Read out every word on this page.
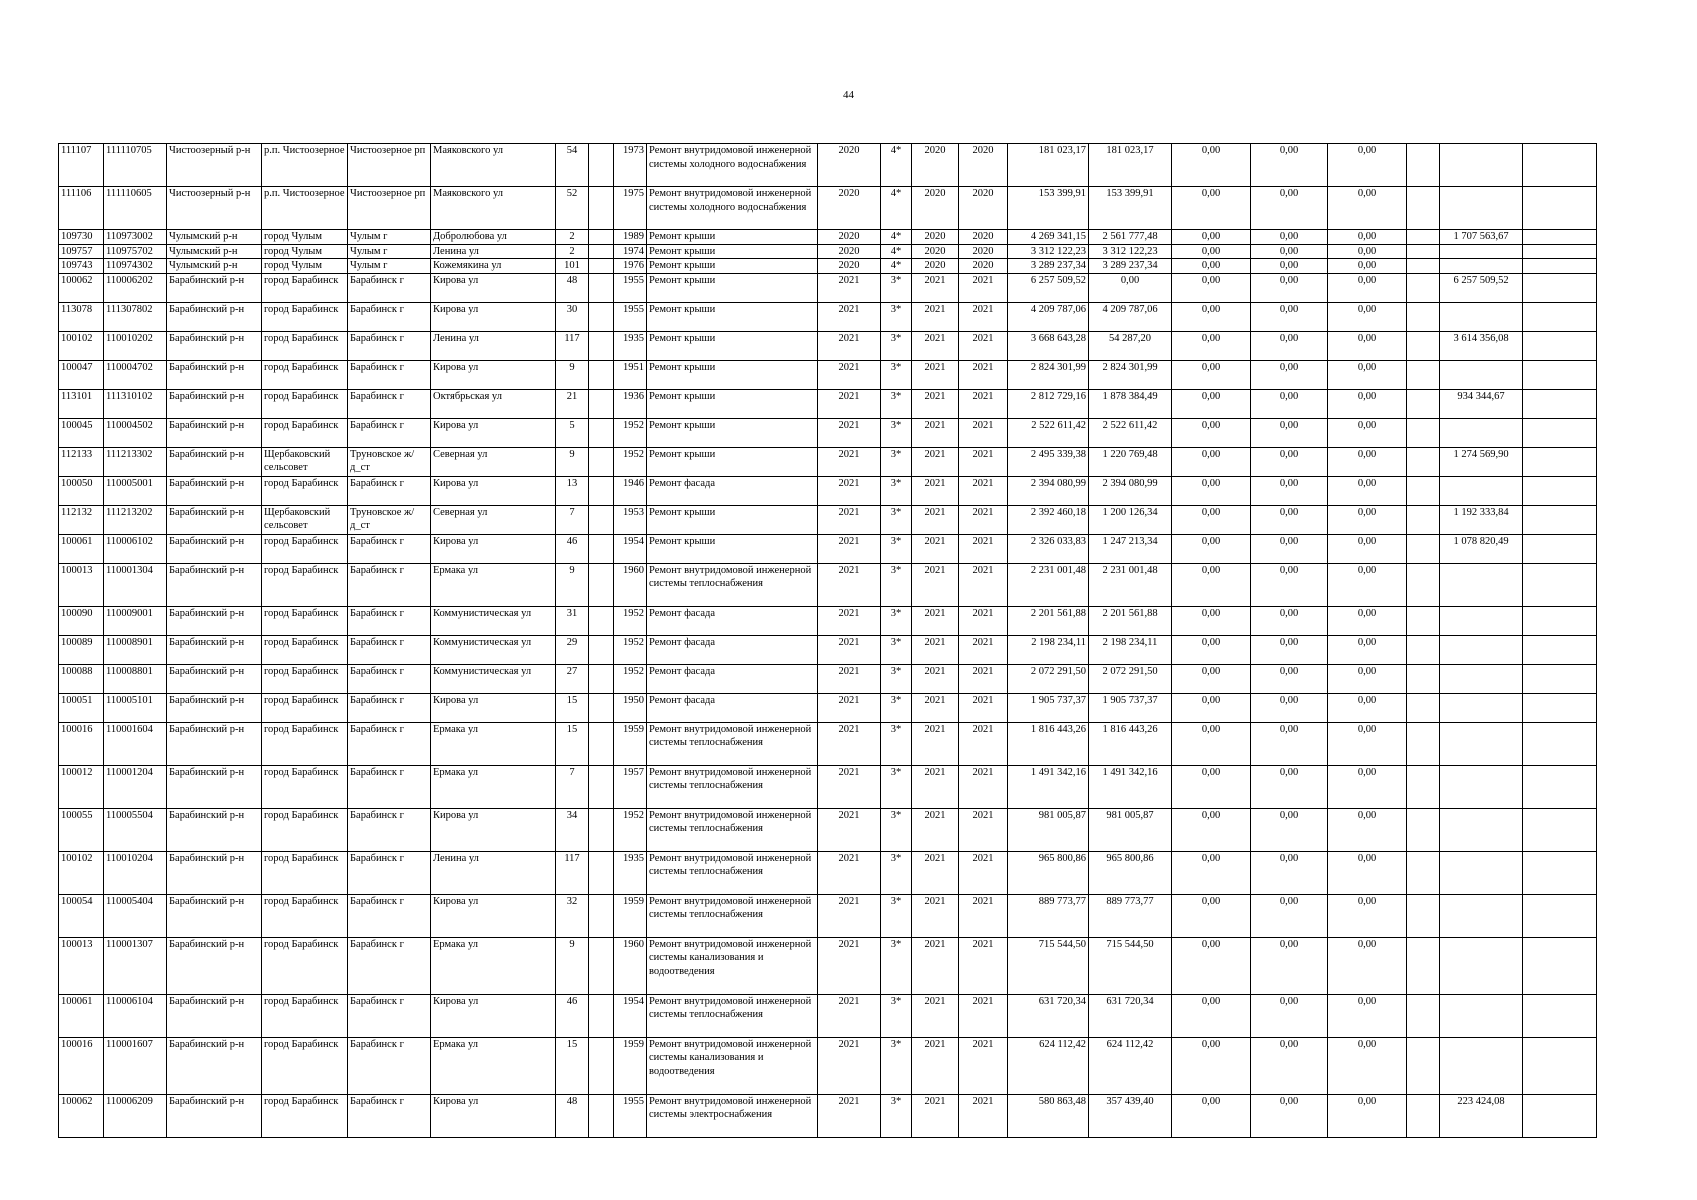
44
111107	111110705	Чистоозерный р-н	р.п. Чистоозерное	Чистоозерное рп	Маяковского ул	54		1973	Ремонт внутридомовой инженерной системы холодного водоснабжения	2020	4*	2020	2020	181 023,17	181 023,17	0,00	0,00	0,00			
111106	111110605	Чистоозерный р-н	р.п. Чистоозерное	Чистоозерное рп	Маяковского ул	52		1975	Ремонт внутридомовой инженерной системы холодного водоснабжения	2020	4*	2020	2020	153 399,91	153 399,91	0,00	0,00	0,00			
109730	110973002	Чулымский р-н	город Чулым	Чулым г	Добролюбова ул	2		1989	Ремонт крыши	2020	4*	2020	2020	4 269 341,15	2 561 777,48	0,00	0,00	0,00		1 707 563,67	
109757	110975702	Чулымский р-н	город Чулым	Чулым г	Ленина ул	2		1974	Ремонт крыши	2020	4*	2020	2020	3 312 122,23	3 312 122,23	0,00	0,00	0,00			
109743	110974302	Чулымский р-н	город Чулым	Чулым г	Кожемякина ул	101		1976	Ремонт крыши	2020	4*	2020	2020	3 289 237,34	3 289 237,34	0,00	0,00	0,00			
100062	110006202	Барабинский р-н	город Барабинск	Барабинск г	Кирова ул	48		1955	Ремонт крыши	2021	3*	2021	2021	6 257 509,52	0,00	0,00	0,00	0,00		6 257 509,52	
113078	111307802	Барабинский р-н	город Барабинск	Барабинск г	Кирова ул	30		1955	Ремонт крыши	2021	3*	2021	2021	4 209 787,06	4 209 787,06	0,00	0,00	0,00			
100102	110010202	Барабинский р-н	город Барабинск	Барабинск г	Ленина ул	117		1935	Ремонт крыши	2021	3*	2021	2021	3 668 643,28	54 287,20	0,00	0,00	0,00		3 614 356,08	
100047	110004702	Барабинский р-н	город Барабинск	Барабинск г	Кирова ул	9		1951	Ремонт крыши	2021	3*	2021	2021	2 824 301,99	2 824 301,99	0,00	0,00	0,00			
113101	111310102	Барабинский р-н	город Барабинск	Барабинск г	Октябрьская ул	21		1936	Ремонт крыши	2021	3*	2021	2021	2 812 729,16	1 878 384,49	0,00	0,00	0,00		934 344,67	
100045	110004502	Барабинский р-н	город Барабинск	Барабинск г	Кирова ул	5		1952	Ремонт крыши	2021	3*	2021	2021	2 522 611,42	2 522 611,42	0,00	0,00	0,00			
112133	111213302	Барабинский р-н	Щербаковский сельсовет	Труновское ж/д_ст	Северная ул	9		1952	Ремонт крыши	2021	3*	2021	2021	2 495 339,38	1 220 769,48	0,00	0,00	0,00		1 274 569,90	
100050	110005001	Барабинский р-н	город Барабинск	Барабинск г	Кирова ул	13		1946	Ремонт фасада	2021	3*	2021	2021	2 394 080,99	2 394 080,99	0,00	0,00	0,00			
112132	111213202	Барабинский р-н	Щербаковский сельсовет	Труновское ж/д_ст	Северная ул	7		1953	Ремонт крыши	2021	3*	2021	2021	2 392 460,18	1 200 126,34	0,00	0,00	0,00		1 192 333,84	
100061	110006102	Барабинский р-н	город Барабинск	Барабинск г	Кирова ул	46		1954	Ремонт крыши	2021	3*	2021	2021	2 326 033,83	1 247 213,34	0,00	0,00	0,00		1 078 820,49	
100013	110001304	Барабинский р-н	город Барабинск	Барабинск г	Ермака ул	9		1960	Ремонт внутридомовой инженерной системы теплоснабжения	2021	3*	2021	2021	2 231 001,48	2 231 001,48	0,00	0,00	0,00			
100090	110009001	Барабинский р-н	город Барабинск	Барабинск г	Коммунистическая ул	31		1952	Ремонт фасада	2021	3*	2021	2021	2 201 561,88	2 201 561,88	0,00	0,00	0,00			
100089	110008901	Барабинский р-н	город Барабинск	Барабинск г	Коммунистическая ул	29		1952	Ремонт фасада	2021	3*	2021	2021	2 198 234,11	2 198 234,11	0,00	0,00	0,00			
100088	110008801	Барабинский р-н	город Барабинск	Барабинск г	Коммунистическая ул	27		1952	Ремонт фасада	2021	3*	2021	2021	2 072 291,50	2 072 291,50	0,00	0,00	0,00			
100051	110005101	Барабинский р-н	город Барабинск	Барабинск г	Кирова ул	15		1950	Ремонт фасада	2021	3*	2021	2021	1 905 737,37	1 905 737,37	0,00	0,00	0,00			
100016	110001604	Барабинский р-н	город Барабинск	Барабинск г	Ермака ул	15		1959	Ремонт внутридомовой инженерной системы теплоснабжения	2021	3*	2021	2021	1 816 443,26	1 816 443,26	0,00	0,00	0,00			
100012	110001204	Барабинский р-н	город Барабинск	Барабинск г	Ермака ул	7		1957	Ремонт внутридомовой инженерной системы теплоснабжения	2021	3*	2021	2021	1 491 342,16	1 491 342,16	0,00	0,00	0,00			
100055	110005504	Барабинский р-н	город Барабинск	Барабинск г	Кирова ул	34		1952	Ремонт внутридомовой инженерной системы теплоснабжения	2021	3*	2021	2021	981 005,87	981 005,87	0,00	0,00	0,00			
100102	110010204	Барабинский р-н	город Барабинск	Барабинск г	Ленина ул	117		1935	Ремонт внутридомовой инженерной системы теплоснабжения	2021	3*	2021	2021	965 800,86	965 800,86	0,00	0,00	0,00			
100054	110005404	Барабинский р-н	город Барабинск	Барабинск г	Кирова ул	32		1959	Ремонт внутридомовой инженерной системы теплоснабжения	2021	3*	2021	2021	889 773,77	889 773,77	0,00	0,00	0,00			
100013	110001307	Барабинский р-н	город Барабинск	Барабинск г	Ермака ул	9		1960	Ремонт внутридомовой инженерной системы канализования и водоотведения	2021	3*	2021	2021	715 544,50	715 544,50	0,00	0,00	0,00			
100061	110006104	Барабинский р-н	город Барабинск	Барабинск г	Кирова ул	46		1954	Ремонт внутридомовой инженерной системы теплоснабжения	2021	3*	2021	2021	631 720,34	631 720,34	0,00	0,00	0,00			
100016	110001607	Барабинский р-н	город Барабинск	Барабинск г	Ермака ул	15		1959	Ремонт внутридомовой инженерной системы канализования и водоотведения	2021	3*	2021	2021	624 112,42	624 112,42	0,00	0,00	0,00			
100062	110006209	Барабинский р-н	город Барабинск	Барабинск г	Кирова ул	48		1955	Ремонт внутридомовой инженерной системы электроснабжения	2021	3*	2021	2021	580 863,48	357 439,40	0,00	0,00	0,00		223 424,08	
